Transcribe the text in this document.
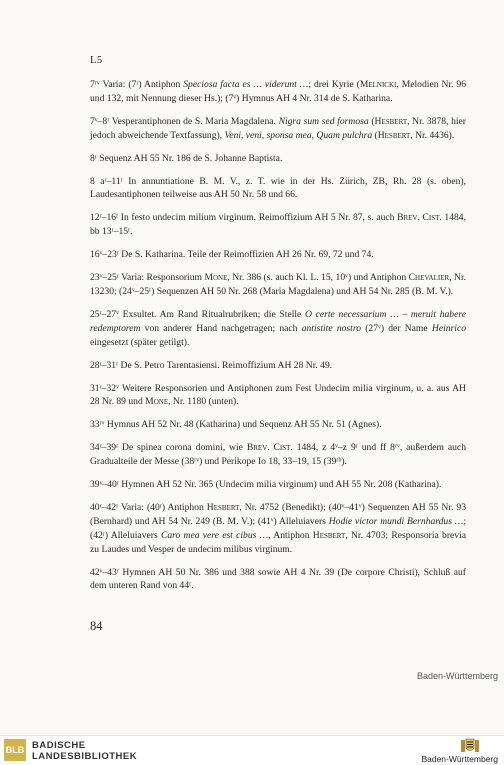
L5

7ʳᵛ Varia: (7ʳ) Antiphon Speciosa facta es … viderunt …; drei Kyrie (Melnicki, Melodien Nr. 96 und 132, mit Nennung dieser Hs.); (7ᵛ) Hymnus AH 4 Nr. 314 de S. Katharina.

7ᵛ–8ʳ Vesperantiphonen de S. Maria Magdalena. Nigra sum sed formosa (Hesbert, Nr. 3878, hier jedoch abweichende Textfassung), Veni, veni, sponsa mea, Quam pulchra (Hesbert, Nr. 4436).

8ʳ Sequenz AH 55 Nr. 186 de S. Johanne Baptista.

8 aʳ–11ʳ In annuntiatione B. M. V., z. T. wie in der Hs. Zürich, ZB, Rh. 28 (s. oben), Laudesantiphonen teilweise aus AH 50 Nr. 58 und 66.

12ʳ–16ʳ In festo undecim milium virginum. Reimoffizium AH 5 Nr. 87, s. auch Brev. Cist. 1484, bb 13ʳ–15ʳ.

16ᵛ–23ʳ De S. Katharina. Teile der Reimoffizien AH 26 Nr. 69, 72 und 74.

23ᵛ–25ʳ Varia: Responsorium Mone, Nr. 386 (s. auch Kl. L. 15, 10ᵛ) und Antiphon Chevalier, Nr. 13230; (24ᵛ–25ʳ) Sequenzen AH 50 Nr. 268 (Maria Magdalena) und AH 54 Nr. 285 (B. M. V.).

25ʳ–27ᵛ Exsultet. Am Rand Ritualrubriken; die Stelle O certe necessarium … – meruit habere redemptorem von anderer Hand nachgetragen; nach antistite nostro (27ᵛ) der Name Heinrico eingesetzt (später getilgt).

28ʳ–31ʳ De S. Petro Tarentasiensi. Reimoffizium AH 28 Nr. 49.

31ʳ–32ᵛ Weitere Responsorien und Antiphonen zum Fest Undecim milia virginum, u. a. aus AH 28 Nr. 89 und Mone, Nr. 1180 (unten).

33ʳᵛ Hymnus AH 52 Nr. 48 (Katharina) und Sequenz AH 55 Nr. 51 (Agnes).

34ʳ–39ʳ De spinea corona domini, wie Brev. Cist. 1484, z 4ᵛ–z 9ʳ und ff 8ʳᵛ, außerdem auch Gradualteile der Messe (38ʳᵛ) und Perikope Io 18, 33–19, 15 (39ʳᵇ).

39ᵛ–40ʳ Hymnen AH 52 Nr. 365 (Undecim milia virginum) und AH 55 Nr. 208 (Katharina).

40ʳ–42ʳ Varia: (40ʳ) Antiphon Hesbert, Nr. 4752 (Benedikt); (40ᵛ–41ᵛ) Sequenzen AH 55 Nr. 93 (Bernhard) und AH 54 Nr. 249 (B. M. V.); (41ᵛ) Alleluiavers Hodie victor mundi Bernhardus …; (42ʳ) Alleluiavers Caro mea vere est cibus …, Antiphon Hesbert, Nr. 4703; Responsoria brevia zu Laudes und Vesper de undecim milibus virginum.

42ᵛ–43ʳ Hymnen AH 50 Nr. 386 und 388 sowie AH 4 Nr. 39 (De corpore Christi), Schluß auf dem unteren Rand von 44ʳ.

84
Baden-Württemberg
BLB BADISCHE
LANDESBIBLIOTHEK	Baden-Württemberg
